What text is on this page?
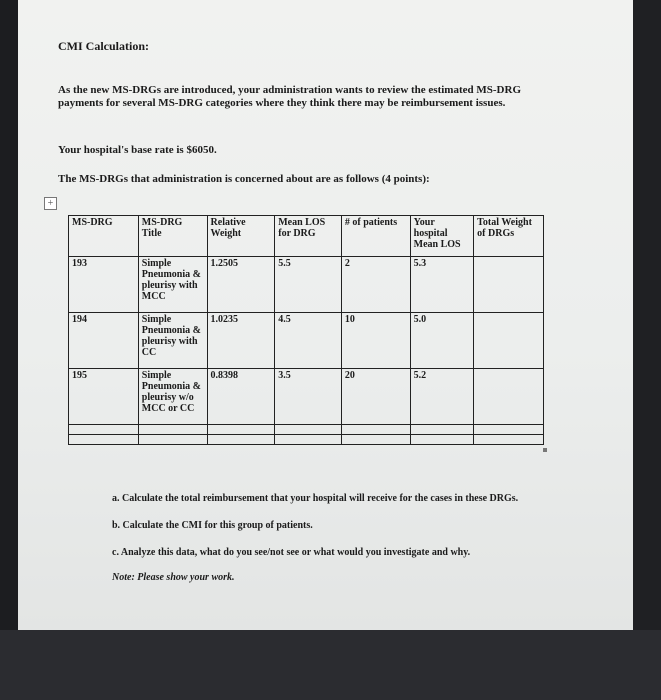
CMI Calculation:
As the new MS-DRGs are introduced, your administration wants to review the estimated MS-DRG payments for several MS-DRG categories where they think there may be reimbursement issues.
Your hospital's base rate is $6050.
The MS-DRGs that administration is concerned about are as follows (4 points):
+
MS-DRG	MS-DRG Title	Relative Weight	Mean LOS for DRG	# of patients	Your hospital Mean LOS	Total Weight of DRGs
193	Simple Pneumonia & pleurisy with MCC	1.2505	5.5	2	5.3	
194	Simple Pneumonia & pleurisy with CC	1.0235	4.5	10	5.0	
195	Simple Pneumonia & pleurisy w/o MCC or CC	0.8398	3.5	20	5.2	

a. Calculate the total reimbursement that your hospital will receive for the cases in these DRGs.
b. Calculate the CMI for this group of patients.
c. Analyze this data, what do you see/not see or what would you investigate and why.
Note: Please show your work.
